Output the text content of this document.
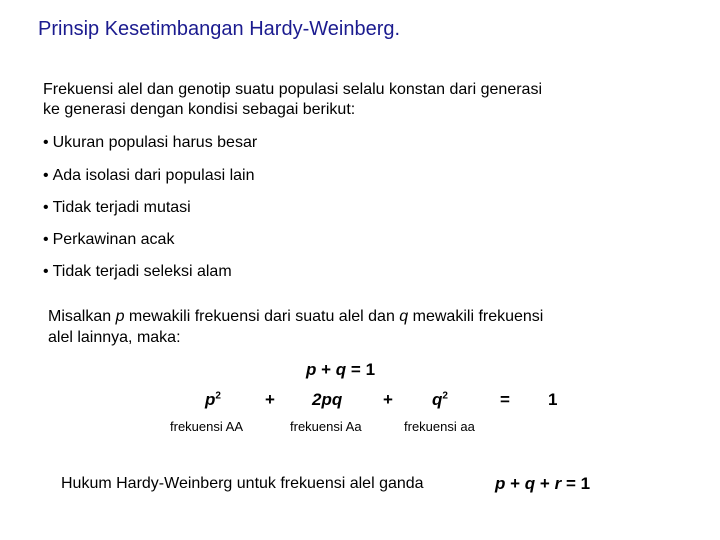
Prinsip Kesetimbangan Hardy-Weinberg.
Frekuensi alel dan genotip suatu populasi selalu konstan dari generasi
ke generasi dengan kondisi sebagai berikut:
• Ukuran populasi harus besar
• Ada isolasi dari populasi lain
• Tidak terjadi mutasi
• Perkawinan acak
• Tidak terjadi seleksi alam
Misalkan p mewakili frekuensi dari suatu alel dan q mewakili frekuensi
alel lainnya, maka:
p + q = 1
$p^2$	+ $2pq + q^2$	= 1
frekuensi AA	frekuensi Aa	frekuensi aa
Hukum Hardy-Weinberg untuk frekuensi alel ganda	p + q + r = 1
